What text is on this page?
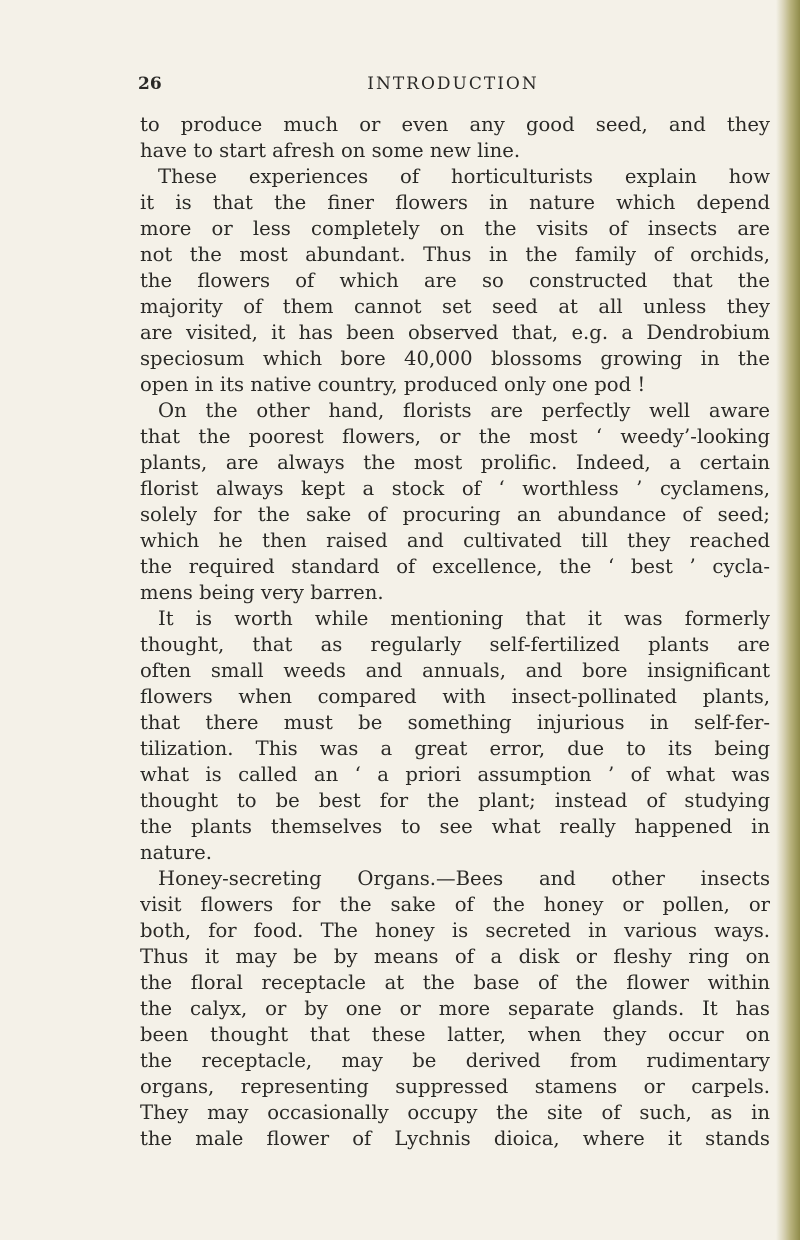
26	INTRODUCTION
to produce much or even any good seed, and they
have to start afresh on some new line.
These experiences of horticulturists explain how
it is that the finer flowers in nature which depend
more or less completely on the visits of insects are
not the most abundant. Thus in the family of orchids,
the flowers of which are so constructed that the
majority of them cannot set seed at all unless they
are visited, it has been observed that, e.g. a Dendrobium
speciosum which bore 40,000 blossoms growing in the
open in its native country, produced only one pod !
On the other hand, florists are perfectly well aware
that the poorest flowers, or the most ‘ weedy’-looking
plants, are always the most prolific. Indeed, a certain
florist always kept a stock of ‘ worthless ’ cyclamens,
solely for the sake of procuring an abundance of seed;
which he then raised and cultivated till they reached
the required standard of excellence, the ‘ best ’ cycla-
mens being very barren.
It is worth while mentioning that it was formerly
thought, that as regularly self-fertilized plants are
often small weeds and annuals, and bore insignificant
flowers when compared with insect-pollinated plants,
that there must be something injurious in self-fer-
tilization. This was a great error, due to its being
what is called an ‘ a priori assumption ’ of what was
thought to be best for the plant; instead of studying
the plants themselves to see what really happened in
nature.
Honey-secreting Organs.—Bees and other insects
visit flowers for the sake of the honey or pollen, or
both, for food. The honey is secreted in various ways.
Thus it may be by means of a disk or fleshy ring on
the floral receptacle at the base of the flower within
the calyx, or by one or more separate glands. It has
been thought that these latter, when they occur on
the receptacle, may be derived from rudimentary
organs, representing suppressed stamens or carpels.
They may occasionally occupy the site of such, as in
the male flower of Lychnis dioica, where it stands
